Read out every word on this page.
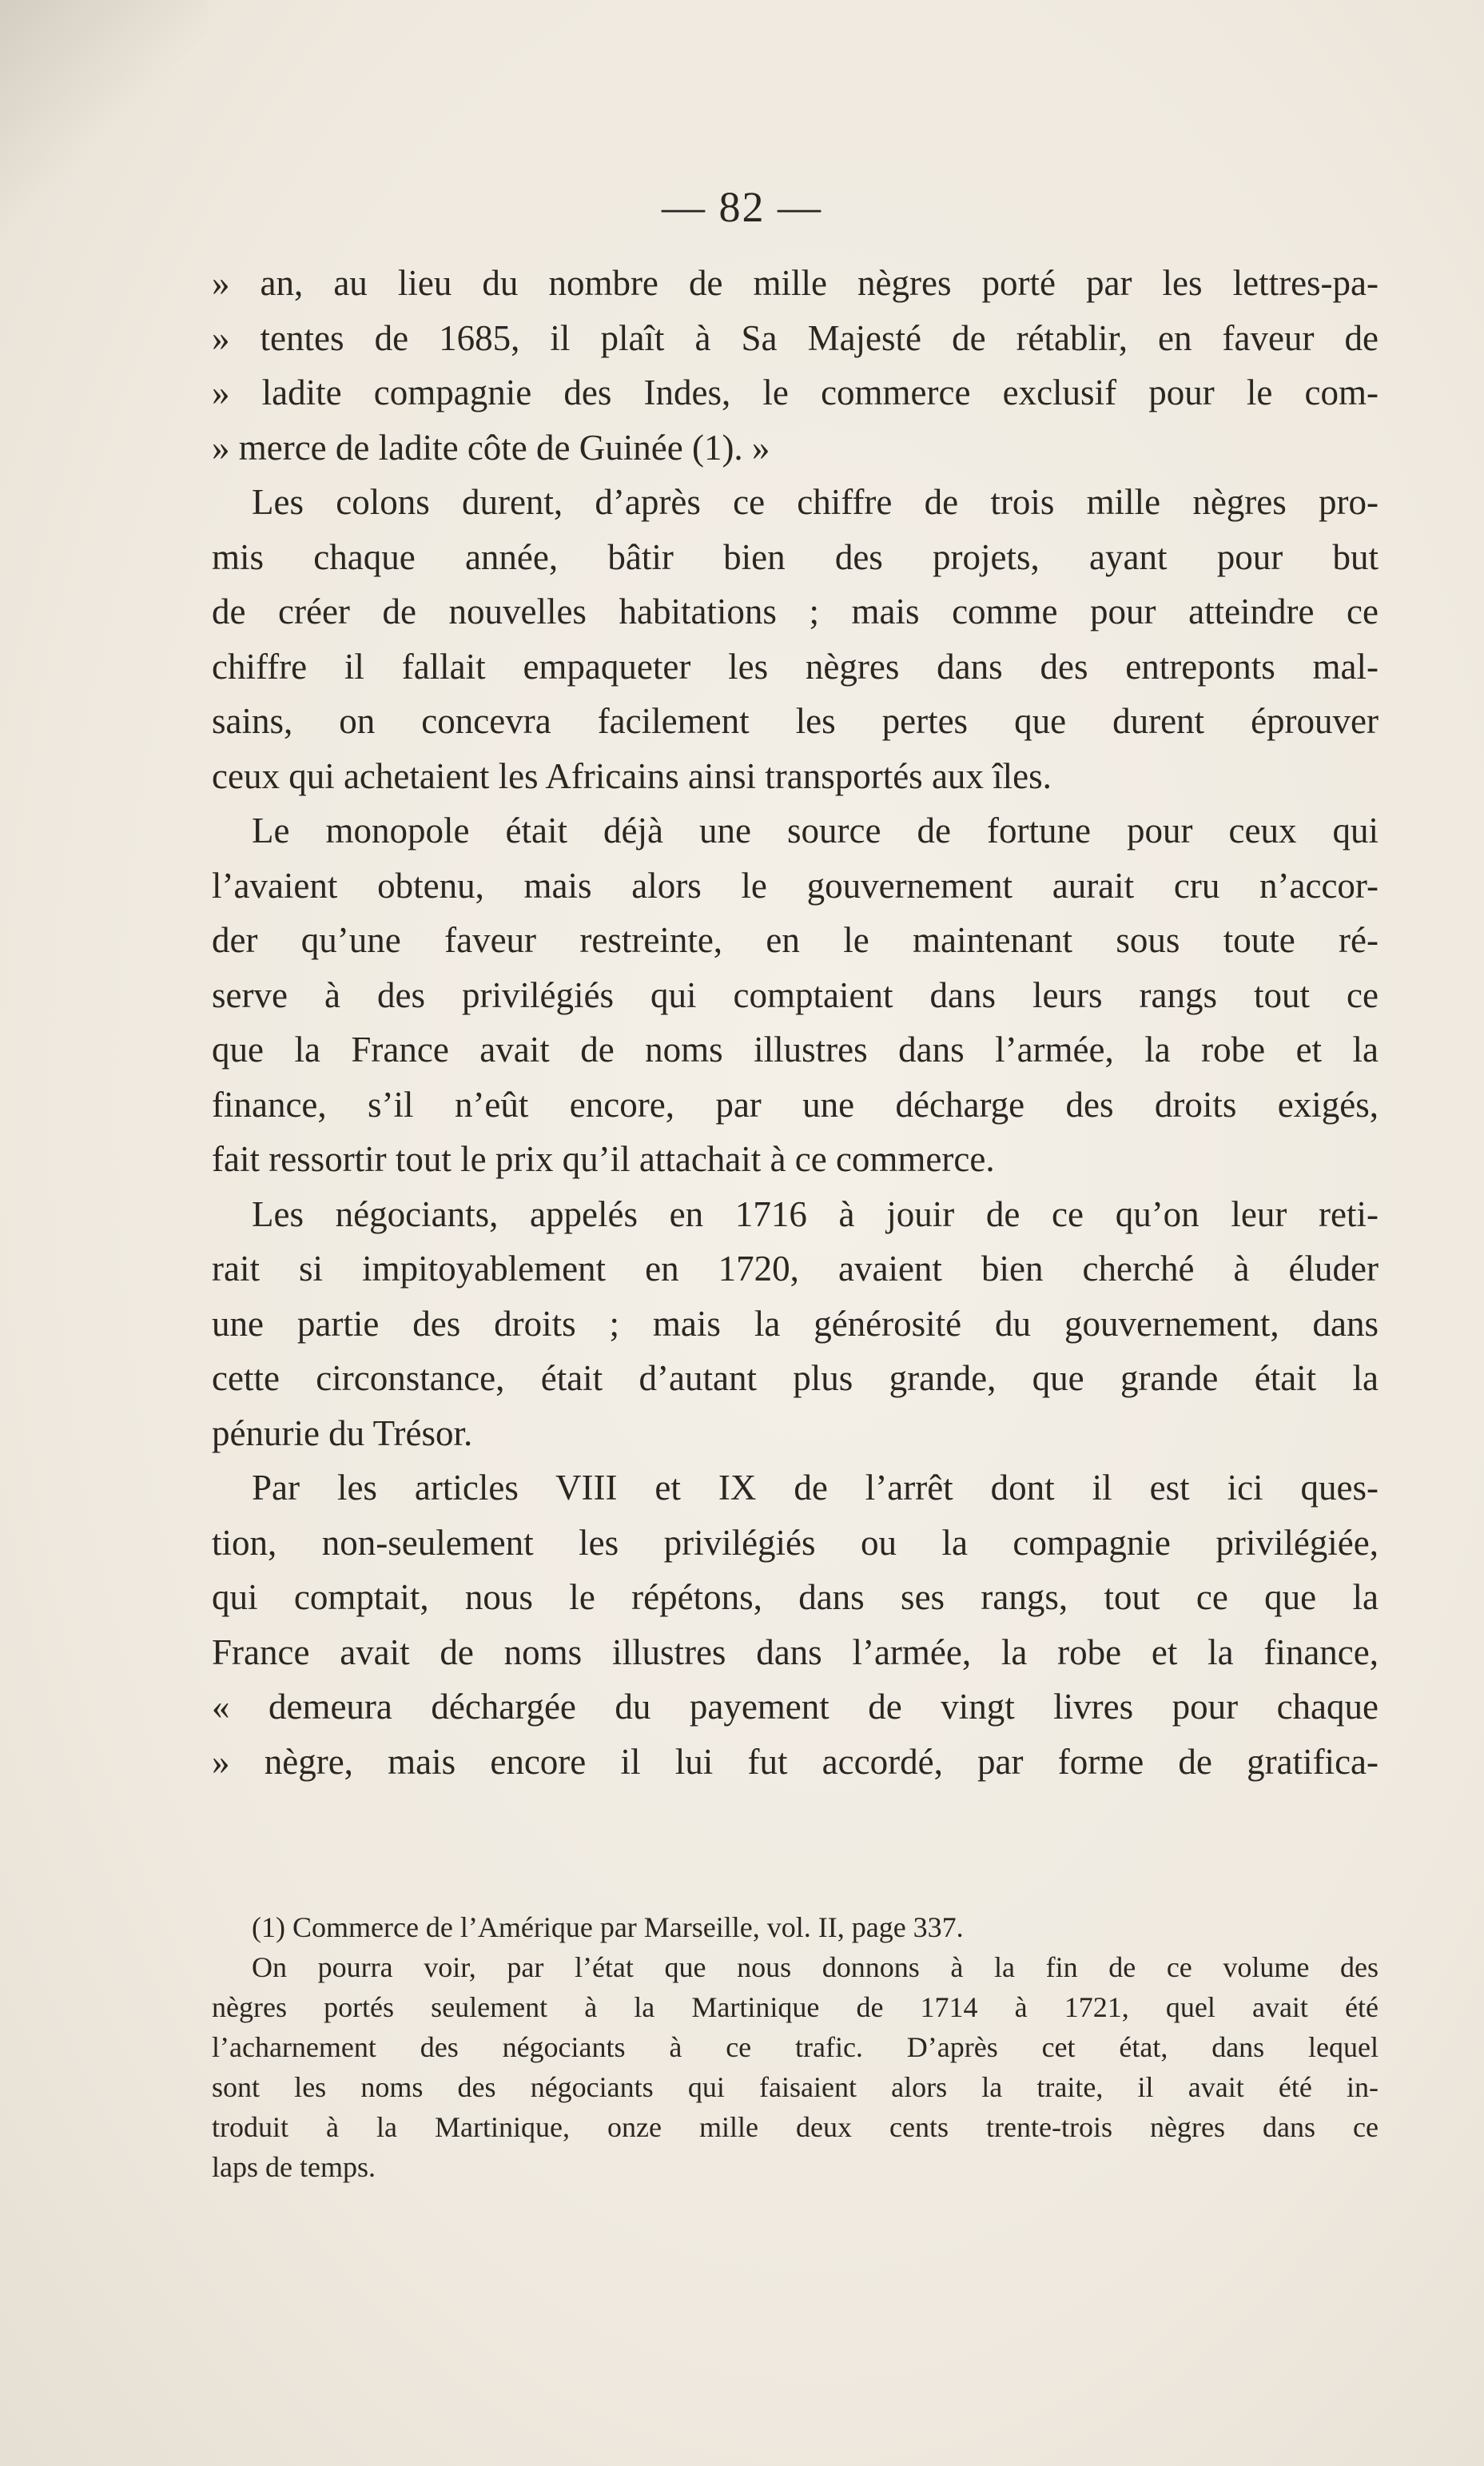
— 82 —
» an, au lieu du nombre de mille nègres porté par les lettres-pa-
» tentes de 1685, il plaît à Sa Majesté de rétablir, en faveur de
» ladite compagnie des Indes, le commerce exclusif pour le com-
» merce de ladite côte de Guinée (1). »
Les colons durent, d’après ce chiffre de trois mille nègres pro-
mis chaque année, bâtir bien des projets, ayant pour but
de créer de nouvelles habitations ; mais comme pour atteindre ce
chiffre il fallait empaqueter les nègres dans des entreponts mal-
sains, on concevra facilement les pertes que durent éprouver
ceux qui achetaient les Africains ainsi transportés aux îles.
Le monopole était déjà une source de fortune pour ceux qui
l’avaient obtenu, mais alors le gouvernement aurait cru n’accor-
der qu’une faveur restreinte, en le maintenant sous toute ré-
serve à des privilégiés qui comptaient dans leurs rangs tout ce
que la France avait de noms illustres dans l’armée, la robe et la
finance, s’il n’eût encore, par une décharge des droits exigés,
fait ressortir tout le prix qu’il attachait à ce commerce.
Les négociants, appelés en 1716 à jouir de ce qu’on leur reti-
rait si impitoyablement en 1720, avaient bien cherché à éluder
une partie des droits ; mais la générosité du gouvernement, dans
cette circonstance, était d’autant plus grande, que grande était la
pénurie du Trésor.
Par les articles VIII et IX de l’arrêt dont il est ici ques-
tion, non-seulement les privilégiés ou la compagnie privilégiée,
qui comptait, nous le répétons, dans ses rangs, tout ce que la
France avait de noms illustres dans l’armée, la robe et la finance,
« demeura déchargée du payement de vingt livres pour chaque
» nègre, mais encore il lui fut accordé, par forme de gratifica-
(1) Commerce de l’Amérique par Marseille, vol. II, page 337.
On pourra voir, par l’état que nous donnons à la fin de ce volume des
nègres portés seulement à la Martinique de 1714 à 1721, quel avait été
l’acharnement des négociants à ce trafic. D’après cet état, dans lequel
sont les noms des négociants qui faisaient alors la traite, il avait été in-
troduit à la Martinique, onze mille deux cents trente-trois nègres dans ce
laps de temps.
